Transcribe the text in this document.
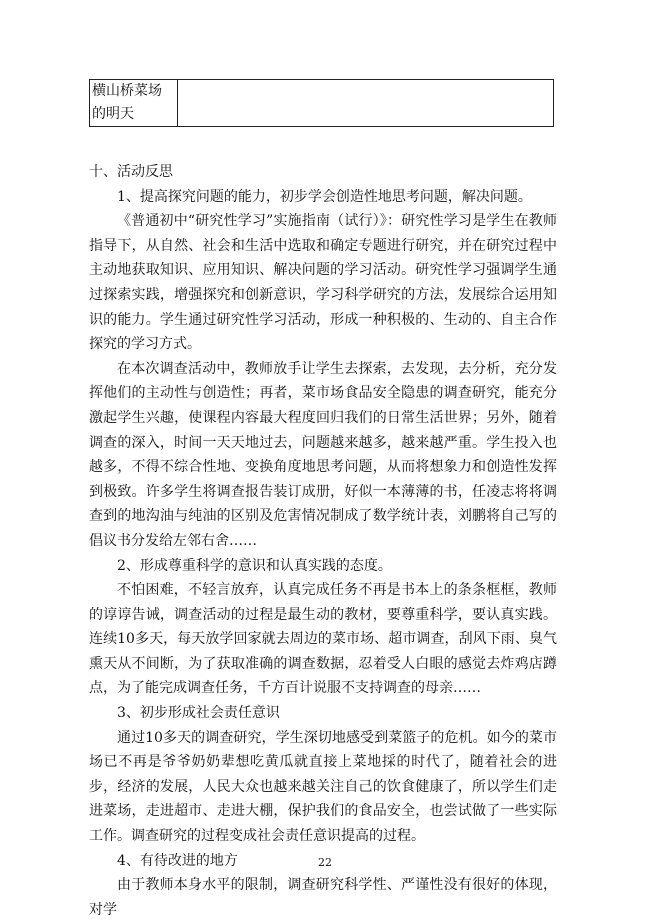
横山桥菜场的明天

十、活动反思

1、提高探究问题的能力，初步学会创造性地思考问题，解决问题。

《普通初中“研究性学习”实施指南（试行）》：研究性学习是学生在教师指导下，从自然、社会和生活中选取和确定专题进行研究，并在研究过程中主动地获取知识、应用知识、解决问题的学习活动。研究性学习强调学生通过探索实践，增强探究和创新意识，学习科学研究的方法，发展综合运用知识的能力。学生通过研究性学习活动，形成一种积极的、生动的、自主合作探究的学习方式。

在本次调查活动中，教师放手让学生去探索，去发现，去分析，充分发挥他们的主动性与创造性；再者，菜市场食品安全隐患的调查研究，能充分激起学生兴趣，使课程内容最大程度回归我们的日常生活世界；另外，随着调查的深入，时间一天天地过去，问题越来越多，越来越严重。学生投入也越多，不得不综合性地、变换角度地思考问题，从而将想象力和创造性发挥到极致。许多学生将调查报告装订成册，好似一本薄薄的书，任凌志将将调查到的地沟油与纯油的区别及危害情况制成了数学统计表，刘鹏将自己写的倡议书分发给左邻右舍……

2、形成尊重科学的意识和认真实践的态度。

不怕困难，不轻言放弃，认真完成任务不再是书本上的条条框框，教师的谆谆告诫，调查活动的过程是最生动的教材，要尊重科学，要认真实践。连续10多天，每天放学回家就去周边的菜市场、超市调查，刮风下雨、臭气熏天从不间断，为了获取准确的调查数据，忍着受人白眼的感觉去炸鸡店蹲点，为了能完成调查任务，千方百计说服不支持调查的母亲……

3、初步形成社会责任意识

通过10多天的调查研究，学生深切地感受到菜篮子的危机。如今的菜市场已不再是爷爷奶奶辈想吃黄瓜就直接上菜地採的时代了，随着社会的进步，经济的发展，人民大众也越来越关注自己的饮食健康了，所以学生们走进菜场，走进超市、走进大棚，保护我们的食品安全，也尝试做了一些实际工作。调查研究的过程变成社会责任意识提高的过程。

4、有待改进的地方

由于教师本身水平的限制，调查研究科学性、严谨性没有很好的体现，对学

22
